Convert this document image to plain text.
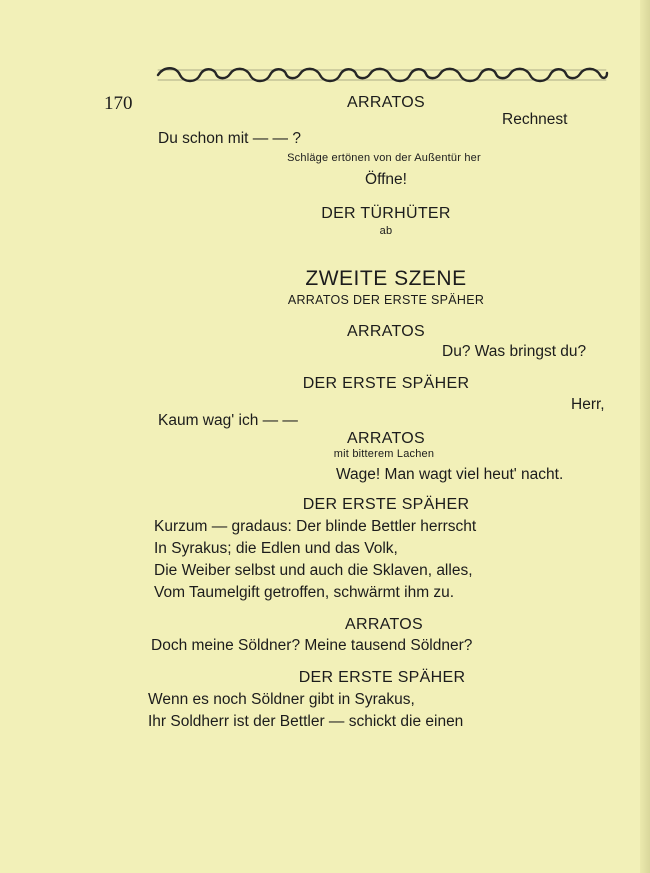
170	ARRATOS
Rechnest
Du schon mit — — ?
Schläge ertönen von der Außentür her
Öffne!
DER TÜRHÜTER
ab
ZWEITE SZENE
ARRATOS DER ERSTE SPÄHER
ARRATOS
Du? Was bringst du?
DER ERSTE SPÄHER
Herr,
Kaum wag' ich — —
ARRATOS
mit bitterem Lachen
Wage! Man wagt viel heut' nacht.
DER ERSTE SPÄHER
Kurzum — gradaus: Der blinde Bettler herrscht
In Syrakus; die Edlen und das Volk,
Die Weiber selbst und auch die Sklaven, alles,
Vom Taumelgift getroffen, schwärmt ihm zu.
ARRATOS
Doch meine Söldner? Meine tausend Söldner?
DER ERSTE SPÄHER
Wenn es noch Söldner gibt in Syrakus,
Ihr Soldherr ist der Bettler — schickt die einen
